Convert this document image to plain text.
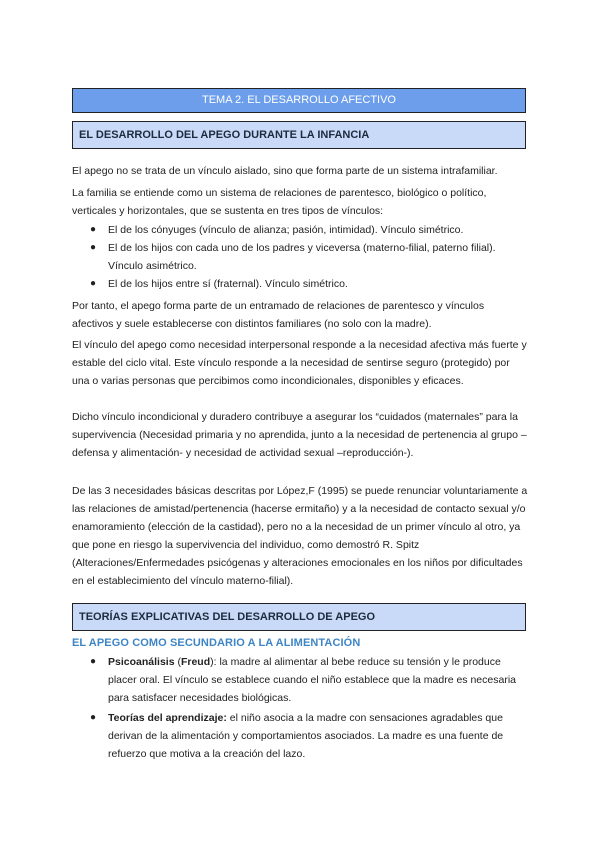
TEMA 2. EL DESARROLLO AFECTIVO
EL DESARROLLO DEL APEGO DURANTE LA INFANCIA

El apego no se trata de un vínculo aislado, sino que forma parte de un sistema intrafamiliar.

La familia se entiende como un sistema de relaciones de parentesco, biológico o político, verticales y horizontales, que se sustenta en tres tipos de vínculos:

● El de los cónyuges (vínculo de alianza; pasión, intimidad). Vínculo simétrico.

● El de los hijos con cada uno de los padres y viceversa (materno-filial, paterno filial). Vínculo asimétrico.

● El de los hijos entre sí (fraternal). Vínculo simétrico.

Por tanto, el apego forma parte de un entramado de relaciones de parentesco y vínculos afectivos y suele establecerse con distintos familiares (no solo con la madre).

El vínculo del apego como necesidad interpersonal responde a la necesidad afectiva más fuerte y estable del ciclo vital. Este vínculo responde a la necesidad de sentirse seguro (protegido) por una o varias personas que percibimos como incondicionales, disponibles y eficaces.

Dicho vínculo incondicional y duradero contribuye a asegurar los “cuidados (maternales” para la supervivencia (Necesidad primaria y no aprendida, junto a la necesidad de pertenencia al grupo –defensa y alimentación- y necesidad de actividad sexual –reproducción-).

De las 3 necesidades básicas descritas por López,F (1995) se puede renunciar voluntariamente a las relaciones de amistad/pertenencia (hacerse ermitaño) y a la necesidad de contacto sexual y/o enamoramiento (elección de la castidad), pero no a la necesidad de un primer vínculo al otro, ya que pone en riesgo la supervivencia del individuo, como demostró R. Spitz (Alteraciones/Enfermedades psicógenas y alteraciones emocionales en los niños por dificultades en el establecimiento del vínculo materno-filial).

TEORÍAS EXPLICATIVAS DEL DESARROLLO DE APEGO
EL APEGO COMO SECUNDARIO A LA ALIMENTACIÓN
● Psicoanálisis (Freud): la madre al alimentar al bebe reduce su tensión y le produce placer oral. El vínculo se establece cuando el niño establece que la madre es necesaria para satisfacer necesidades biológicas.

● Teorías del aprendizaje: el niño asocia a la madre con sensaciones agradables que derivan de la alimentación y comportamientos asociados. La madre es una fuente de refuerzo que motiva a la creación del lazo.
